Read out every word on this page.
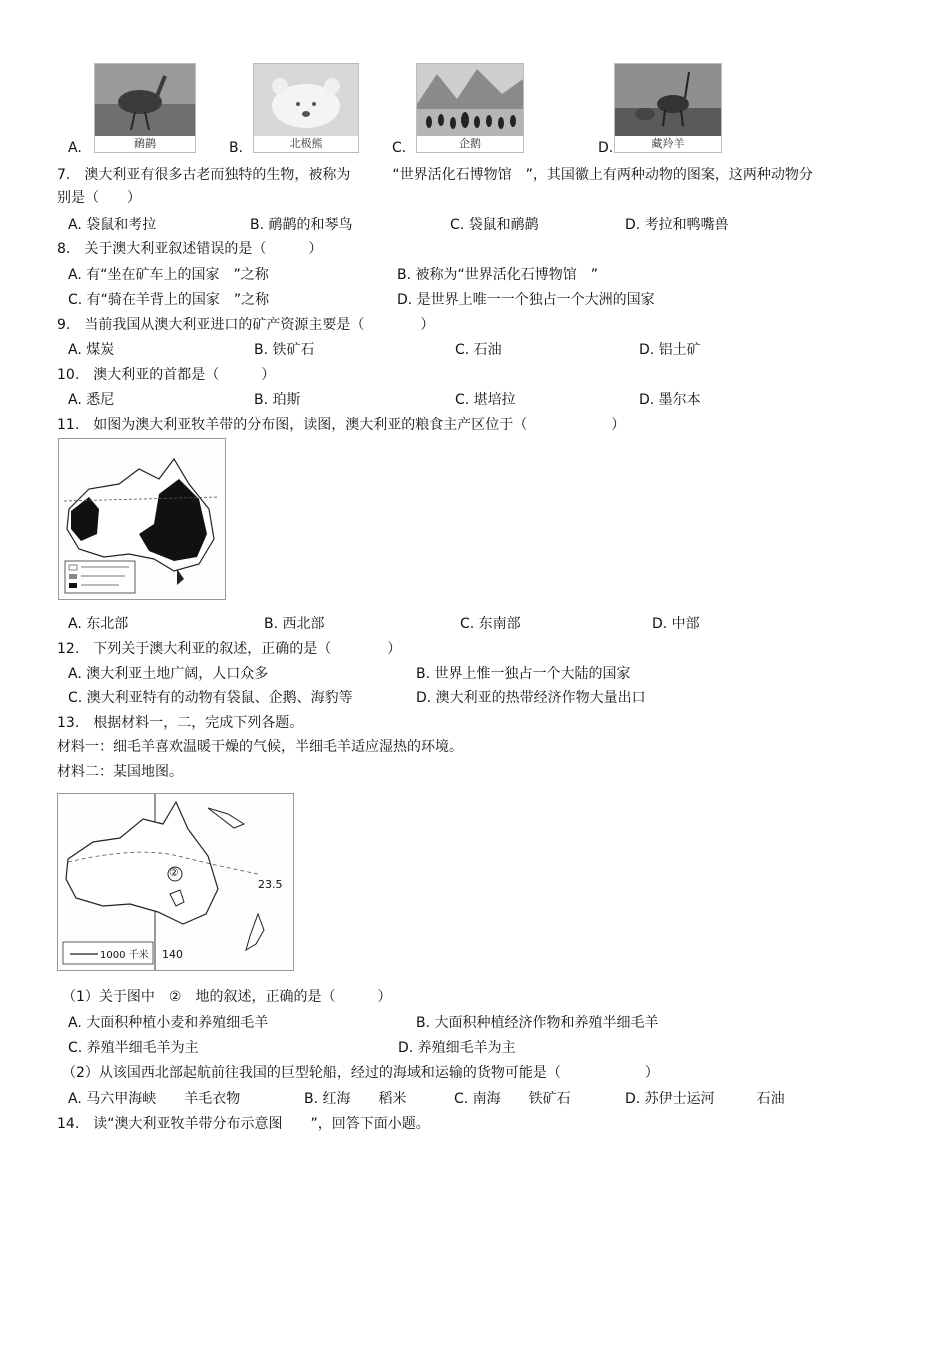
A.	鸸鹋	B.	北极熊	C.	企鹅	D.	藏羚羊
7.　澳大利亚有很多古老而独特的生物，被称为　　　“世界活化石博物馆　”，其国徽上有两种动物的图案，这两种动物分
别是（　　）
A. 袋鼠和考拉	B. 鸸鹋的和琴鸟	C. 袋鼠和鸸鹋	D. 考拉和鸭嘴兽
8.　关于澳大利亚叙述错误的是（　　　）
A. 有“坐在矿车上的国家　”之称	B. 被称为“世界活化石博物馆　”
C. 有“骑在羊背上的国家　”之称	D. 是世界上唯一一个独占一个大洲的国家
9.　当前我国从澳大利亚进口的矿产资源主要是（　　　　）
A. 煤炭	B. 铁矿石	C. 石油	D. 铝土矿
10.　澳大利亚的首都是（　　　）
A. 悉尼	B. 珀斯	C. 堪培拉	D. 墨尔本
11.　如图为澳大利亚牧羊带的分布图，读图，澳大利亚的粮食主产区位于（　　　　　　）
A. 东北部	B. 西北部	C. 东南部	D. 中部
12.　下列关于澳大利亚的叙述，正确的是（　　　　）
A. 澳大利亚土地广阔，人口众多	B. 世界上惟一独占一个大陆的国家
C. 澳大利亚特有的动物有袋鼠、企鹅、海豹等	D. 澳大利亚的热带经济作物大量出口
13.　根据材料一，二，完成下列各题。
材料一：细毛羊喜欢温暖干燥的气候，半细毛羊适应湿热的环境。
材料二：某国地图。
②
23.5
140
1000 千米
（1）关于图中　②　地的叙述，正确的是（　　　）
A. 大面积种植小麦和养殖细毛羊	B. 大面积种植经济作物和养殖半细毛羊
C. 养殖半细毛羊为主	D. 养殖细毛羊为主
（2）从该国西北部起航前往我国的巨型轮船，经过的海域和运输的货物可能是（　　　　　　）
A. 马六甲海峡　　羊毛衣物	B. 红海　　稻米	C. 南海　　铁矿石	D. 苏伊士运河　　　石油
14.　读“澳大利亚牧羊带分布示意图　　”，回答下面小题。
